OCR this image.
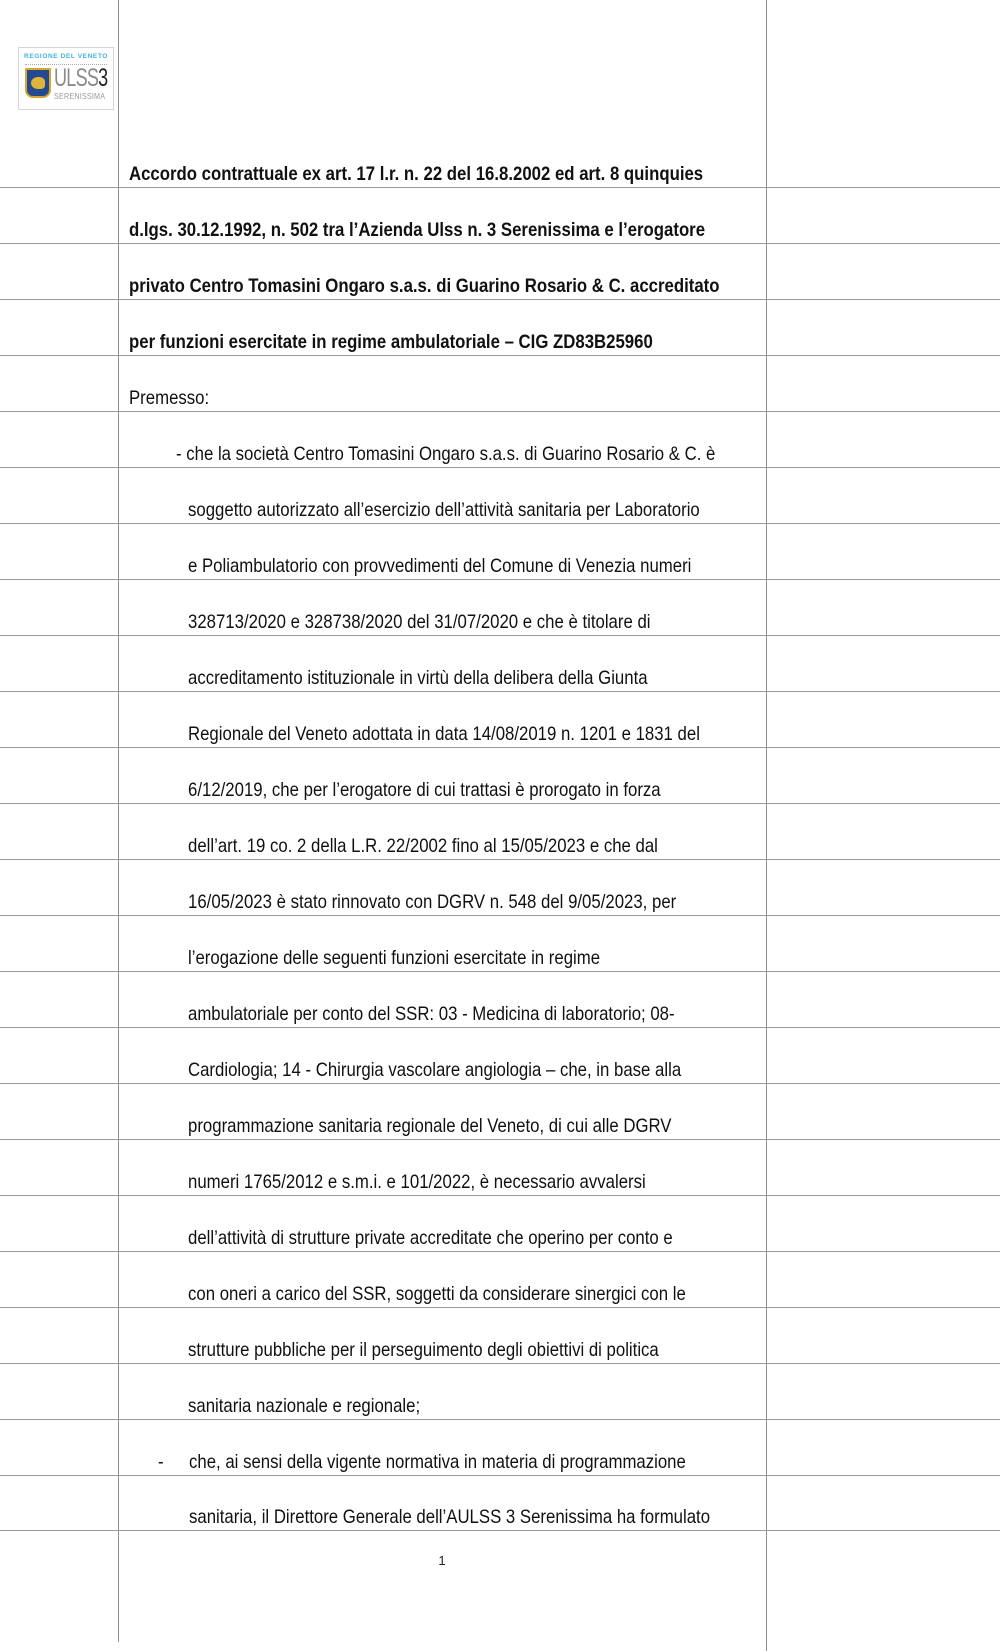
REGIONE DEL VENETO
ULSS3
SERENISSIMA
Accordo contrattuale ex art. 17 l.r. n. 22 del 16.8.2002 ed art. 8 quinquies
d.lgs. 30.12.1992, n. 502 tra l’Azienda Ulss n. 3 Serenissima e l’erogatore
privato Centro Tomasini Ongaro s.a.s. di Guarino Rosario & C. accreditato
per funzioni esercitate in regime ambulatoriale – CIG ZD83B25960
Premesso:
- che la società Centro Tomasini Ongaro s.a.s. di Guarino Rosario & C. è
soggetto autorizzato all’esercizio dell’attività sanitaria per Laboratorio
e Poliambulatorio con provvedimenti del Comune di Venezia numeri
328713/2020 e 328738/2020 del 31/07/2020 e che è titolare di
accreditamento istituzionale in virtù della delibera della Giunta
Regionale del Veneto adottata in data 14/08/2019 n. 1201 e 1831 del
6/12/2019, che per l’erogatore di cui trattasi è prorogato in forza
dell’art. 19 co. 2 della L.R. 22/2002 fino al 15/05/2023 e che dal
16/05/2023 è stato rinnovato con DGRV n. 548 del 9/05/2023, per
l’erogazione delle seguenti funzioni esercitate in regime
ambulatoriale per conto del SSR: 03 - Medicina di laboratorio; 08-
Cardiologia; 14 - Chirurgia vascolare angiologia – che, in base alla
programmazione sanitaria regionale del Veneto, di cui alle DGRV
numeri 1765/2012 e s.m.i. e 101/2022, è necessario avvalersi
dell’attività di strutture private accreditate che operino per conto e
con oneri a carico del SSR, soggetti da considerare sinergici con le
strutture pubbliche per il perseguimento degli obiettivi di politica
sanitaria nazionale e regionale;
- che, ai sensi della vigente normativa in materia di programmazione
sanitaria, il Direttore Generale dell’AULSS 3 Serenissima ha formulato
1
